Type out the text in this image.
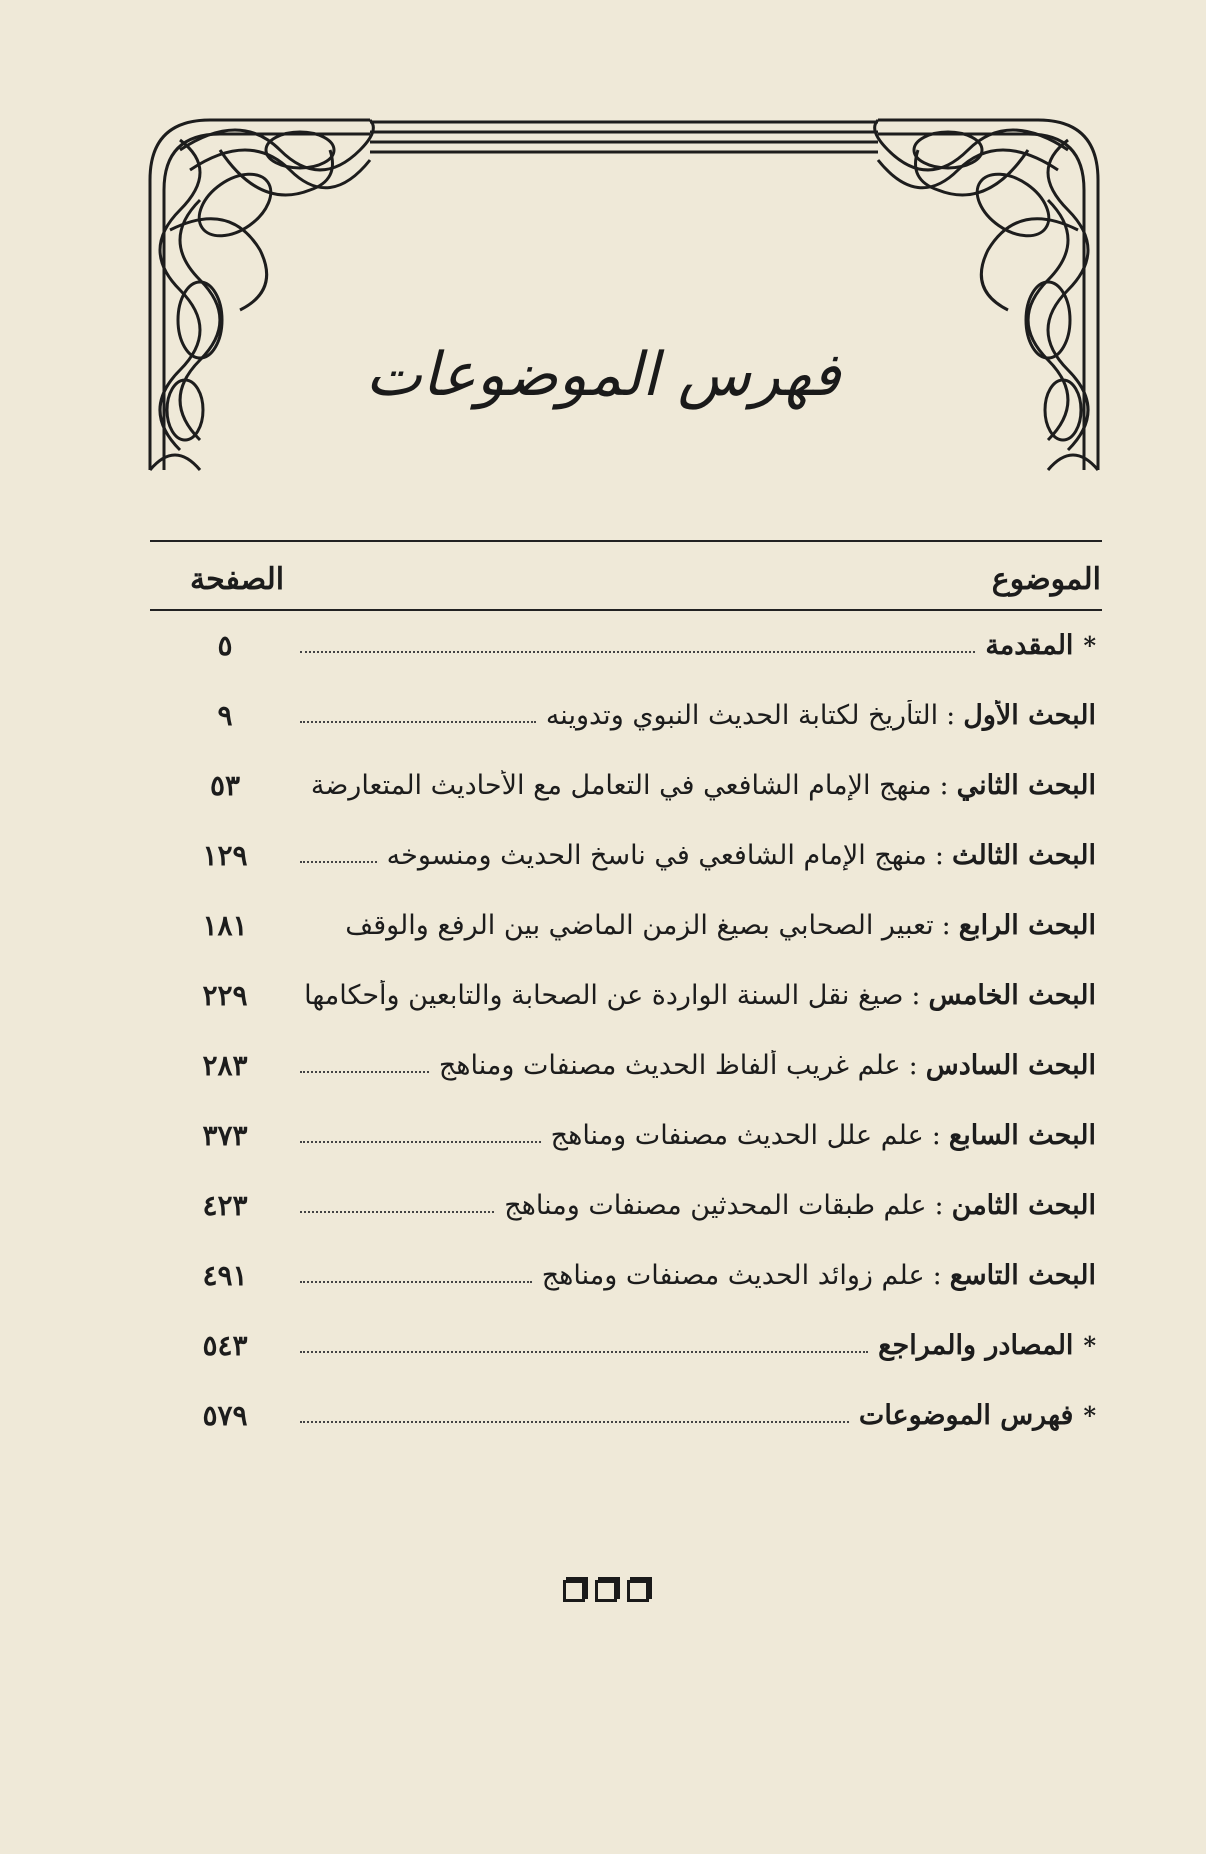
فهرس الموضوعات
الموضوع
الصفحة
*
المقدمة
٥
البحث الأول
:
التأريخ لكتابة الحديث النبوي وتدوينه
٩
البحث الثاني
:
منهج الإمام الشافعي في التعامل مع الأحاديث المتعارضة
٥٣
البحث الثالث
:
منهج الإمام الشافعي في ناسخ الحديث ومنسوخه
١٢٩
البحث الرابع
:
تعبير الصحابي بصيغ الزمن الماضي بين الرفع والوقف
١٨١
البحث الخامس
:
صيغ نقل السنة الواردة عن الصحابة والتابعين وأحكامها
٢٢٩
البحث السادس
:
علم غريب ألفاظ الحديث مصنفات ومناهج
٢٨٣
البحث السابع
:
علم علل الحديث مصنفات ومناهج
٣٧٣
البحث الثامن
:
علم طبقات المحدثين مصنفات ومناهج
٤٢٣
البحث التاسع
:
علم زوائد الحديث مصنفات ومناهج
٤٩١
*
المصادر والمراجع
٥٤٣
*
فهرس الموضوعات
٥٧٩
